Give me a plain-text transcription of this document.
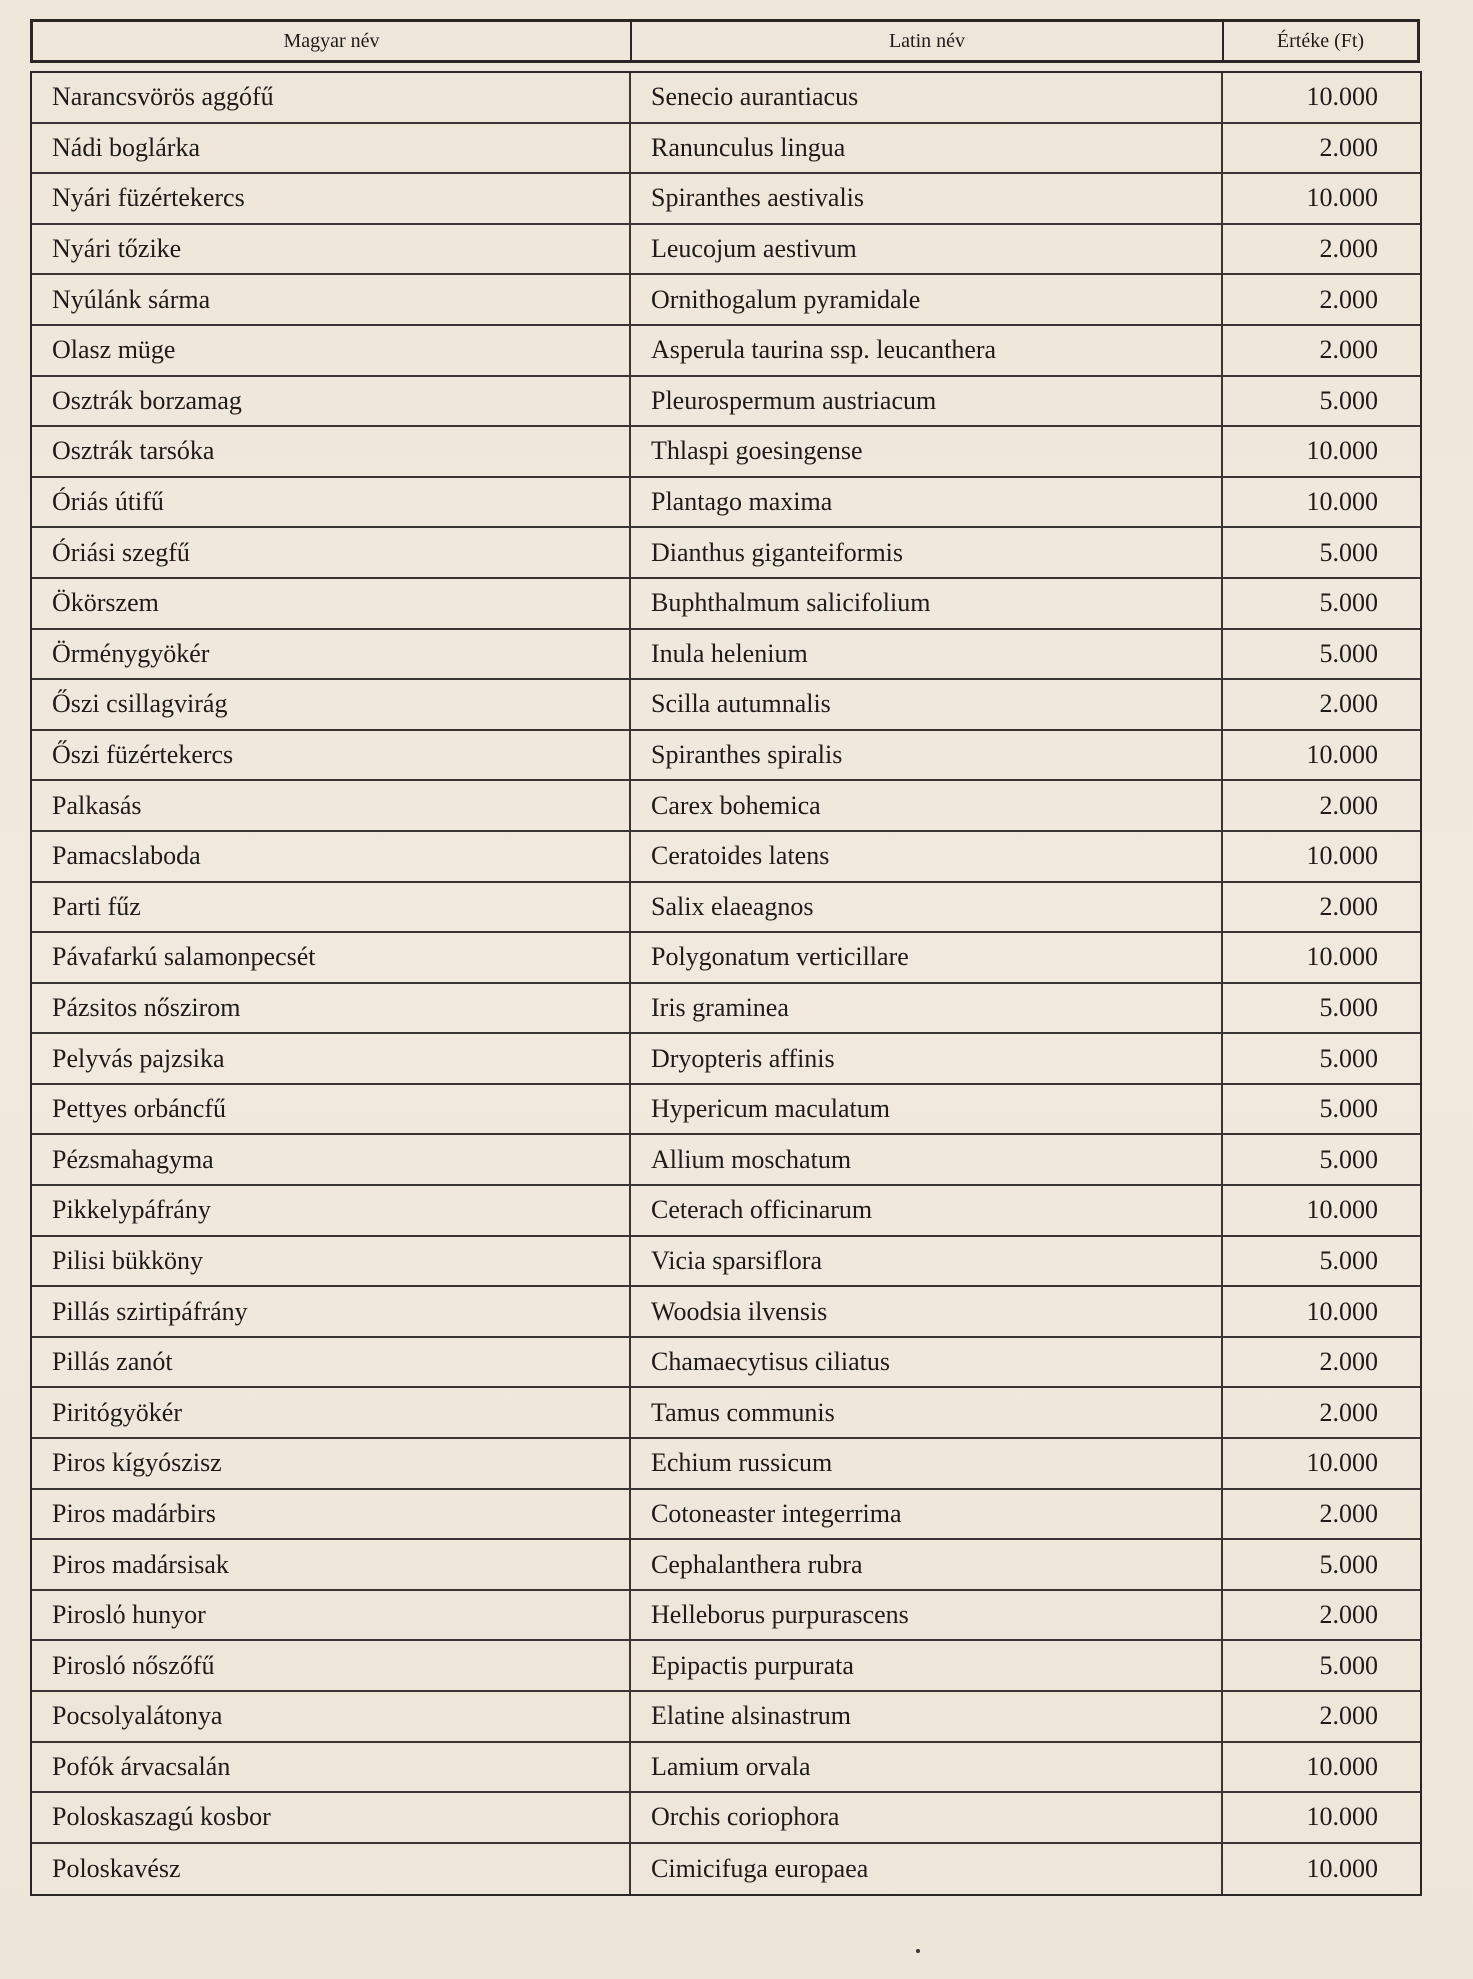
Magyar név	Latin név	Értéke (Ft)
Narancsvörös aggófű	Senecio aurantiacus	10.000
Nádi boglárka	Ranunculus lingua	2.000
Nyári füzértekercs	Spiranthes aestivalis	10.000
Nyári tőzike	Leucojum aestivum	2.000
Nyúlánk sárma	Ornithogalum pyramidale	2.000
Olasz müge	Asperula taurina ssp. leucanthera	2.000
Osztrák borzamag	Pleurospermum austriacum	5.000
Osztrák tarsóka	Thlaspi goesingense	10.000
Óriás útifű	Plantago maxima	10.000
Óriási szegfű	Dianthus giganteiformis	5.000
Ökörszem	Buphthalmum salicifolium	5.000
Örménygyökér	Inula helenium	5.000
Őszi csillagvirág	Scilla autumnalis	2.000
Őszi füzértekercs	Spiranthes spiralis	10.000
Palkasás	Carex bohemica	2.000
Pamacslaboda	Ceratoides latens	10.000
Parti fűz	Salix elaeagnos	2.000
Pávafarkú salamonpecsét	Polygonatum verticillare	10.000
Pázsitos nőszirom	Iris graminea	5.000
Pelyvás pajzsika	Dryopteris affinis	5.000
Pettyes orbáncfű	Hypericum maculatum	5.000
Pézsmahagyma	Allium moschatum	5.000
Pikkelypáfrány	Ceterach officinarum	10.000
Pilisi bükköny	Vicia sparsiflora	5.000
Pillás szirtipáfrány	Woodsia ilvensis	10.000
Pillás zanót	Chamaecytisus ciliatus	2.000
Piritógyökér	Tamus communis	2.000
Piros kígyószisz	Echium russicum	10.000
Piros madárbirs	Cotoneaster integerrima	2.000
Piros madársisak	Cephalanthera rubra	5.000
Piroslό hunyor	Helleborus purpurascens	2.000
Pirosló nőszőfű	Epipactis purpurata	5.000
Pocsolyalátonya	Elatine alsinastrum	2.000
Pofók árvacsalán	Lamium orvala	10.000
Poloskaszagú kosbor	Orchis coriophora	10.000
Poloskavész	Cimicifuga europaea	10.000
